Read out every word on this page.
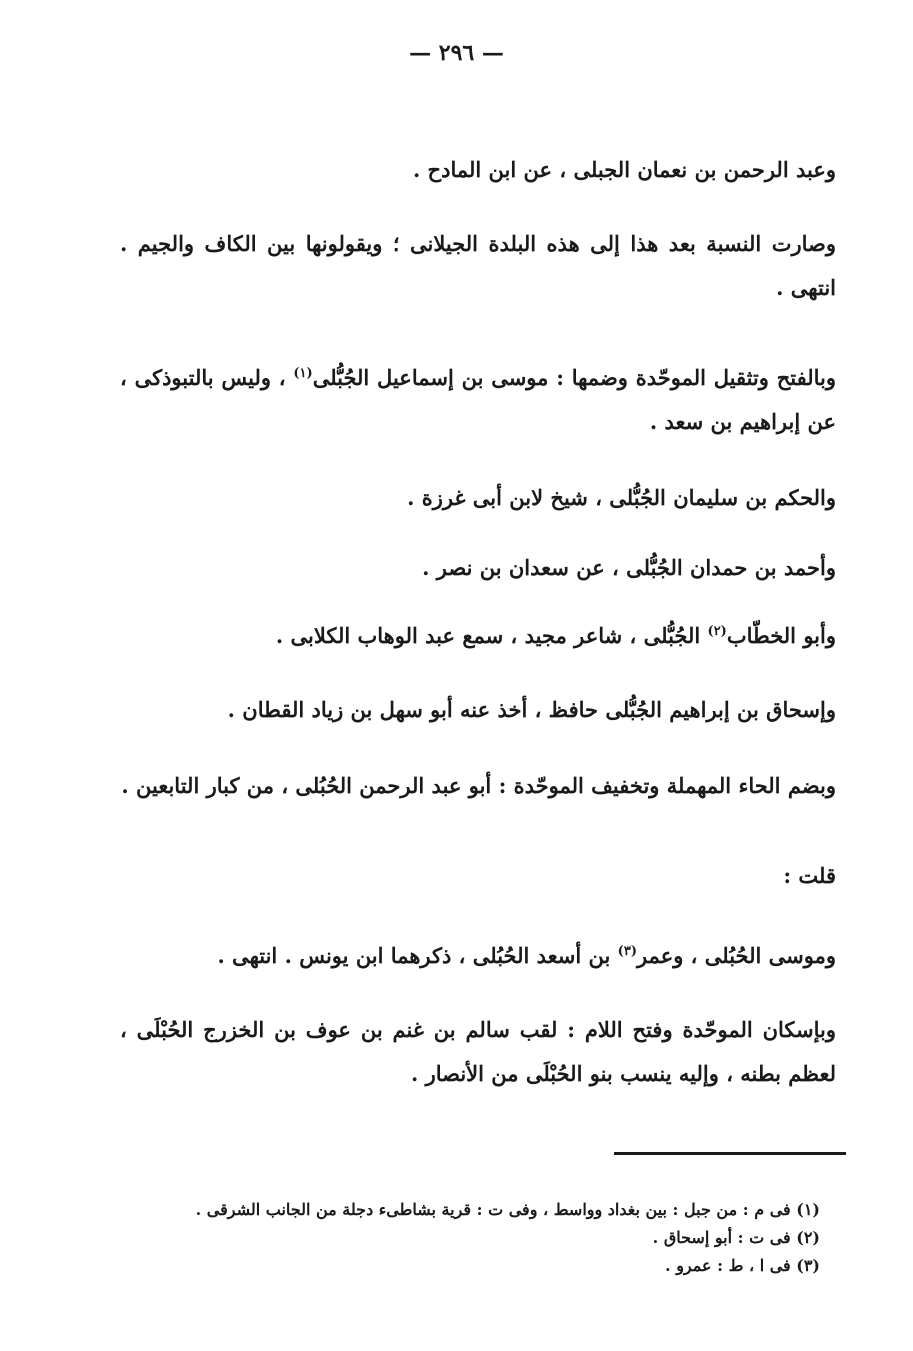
— ٢٩٦ —
وعبد الرحمن بن نعمان الجبلى ، عن ابن المادح .
وصارت النسبة بعد هذا إلى هذه البلدة الجيلانى ؛ ويقولونها بين الكاف والجيم . انتهى .
وبالفتح وتثقيل الموحّدة وضمها : موسى بن إسماعيل الجُبُّلى$^{(١)}$ ، وليس بالتبوذكى ، عن إبراهيم بن سعد .
والحكم بن سليمان الجُبُّلى ، شيخ لابن أبى غرزة .
وأحمد بن حمدان الجُبُّلى ، عن سعدان بن نصر .
وأبو الخطّاب$^{(٢)}$ الجُبُّلى ، شاعر مجيد ، سمع عبد الوهاب الكلابى .
وإسحاق بن إبراهيم الجُبُّلى حافظ ، أخذ عنه أبو سهل بن زياد القطان .
وبضم الحاء المهملة وتخفيف الموحّدة : أبو عبد الرحمن الحُبُلى ، من كبار التابعين .
قلت :
وموسى الحُبُلى ، وعمر$^{(٣)}$ بن أسعد الحُبُلى ، ذكرهما ابن يونس . انتهى .
وبإسكان الموحّدة وفتح اللام : لقب سالم بن غنم بن عوف بن الخزرج الحُبْلَى ، لعظم بطنه ، وإليه ينسب بنو الحُبْلَى من الأنصار .
(١) فى م : من جبل : بين بغداد وواسط ، وفى ت : قرية بشاطىء دجلة من الجانب الشرقى .
(٢) فى ت : أبو إسحاق .
(٣) فى ا ، ط : عمرو .
